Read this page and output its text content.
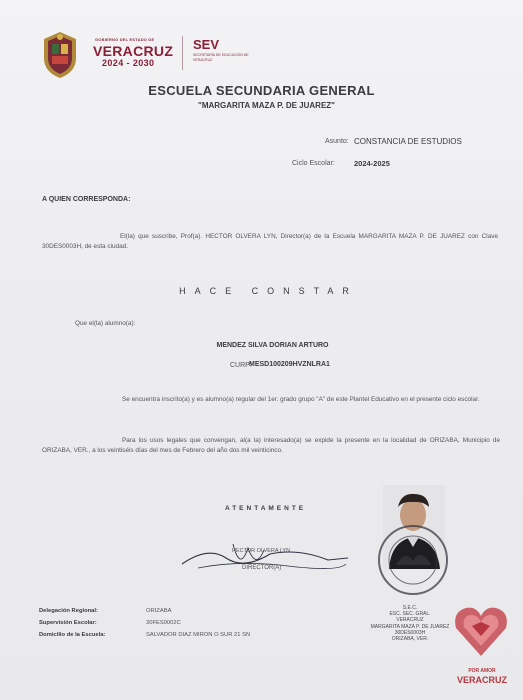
GOBIERNO DEL ESTADO DE
VERACRUZ
2024 - 2030
SEV
SECRETARÍA DE EDUCACIÓN DE VERACRUZ
ESCUELA SECUNDARIA GENERAL
"MARGARITA MAZA P. DE JUAREZ"
Asunto: CONSTANCIA DE ESTUDIOS
Ciclo Escolar:	2024-2025
A QUIEN CORRESPONDA:
El(la) que suscribe, Prof(a). HECTOR OLVERA LYN, Director(a) de la Escuela MARGARITA MAZA P. DE JUAREZ con Clave 30DES0003H, de esta ciudad.
HACE CONSTAR
Que el(la) alumno(a):
MENDEZ SILVA DORIAN ARTURO
CURP:
MESD100209HVZNLRA1
Se encuentra inscrito(a) y es alumno(a) regular del 1er. grado grupo "A" de este Plantel Educativo en el presente ciclo escolar.
Para los usos legales que convengan, al(a la) interesado(a) se expide la presente en la localidad de ORIZABA, Municipio de ORIZABA, VER., a los veintiséis días del mes de Febrero del año dos mil veinticinco.
ATENTAMENTE
HECTOR OLVERA LYN
DIRECTOR(A)
Delegación Regional:	ORIZABA
Supervisión Escolar:	30FES0002C
Domicilio de la Escuela:	SALVADOR DIAZ MIRON O SUR 21 SN
S.E.C.
ESC. SEC. GRAL.
VERACRUZ
MARGARITA MAZA P. DE JUAREZ
30DES0003H
ORIZABA, VER.
POR AMOR
VERACRUZ
